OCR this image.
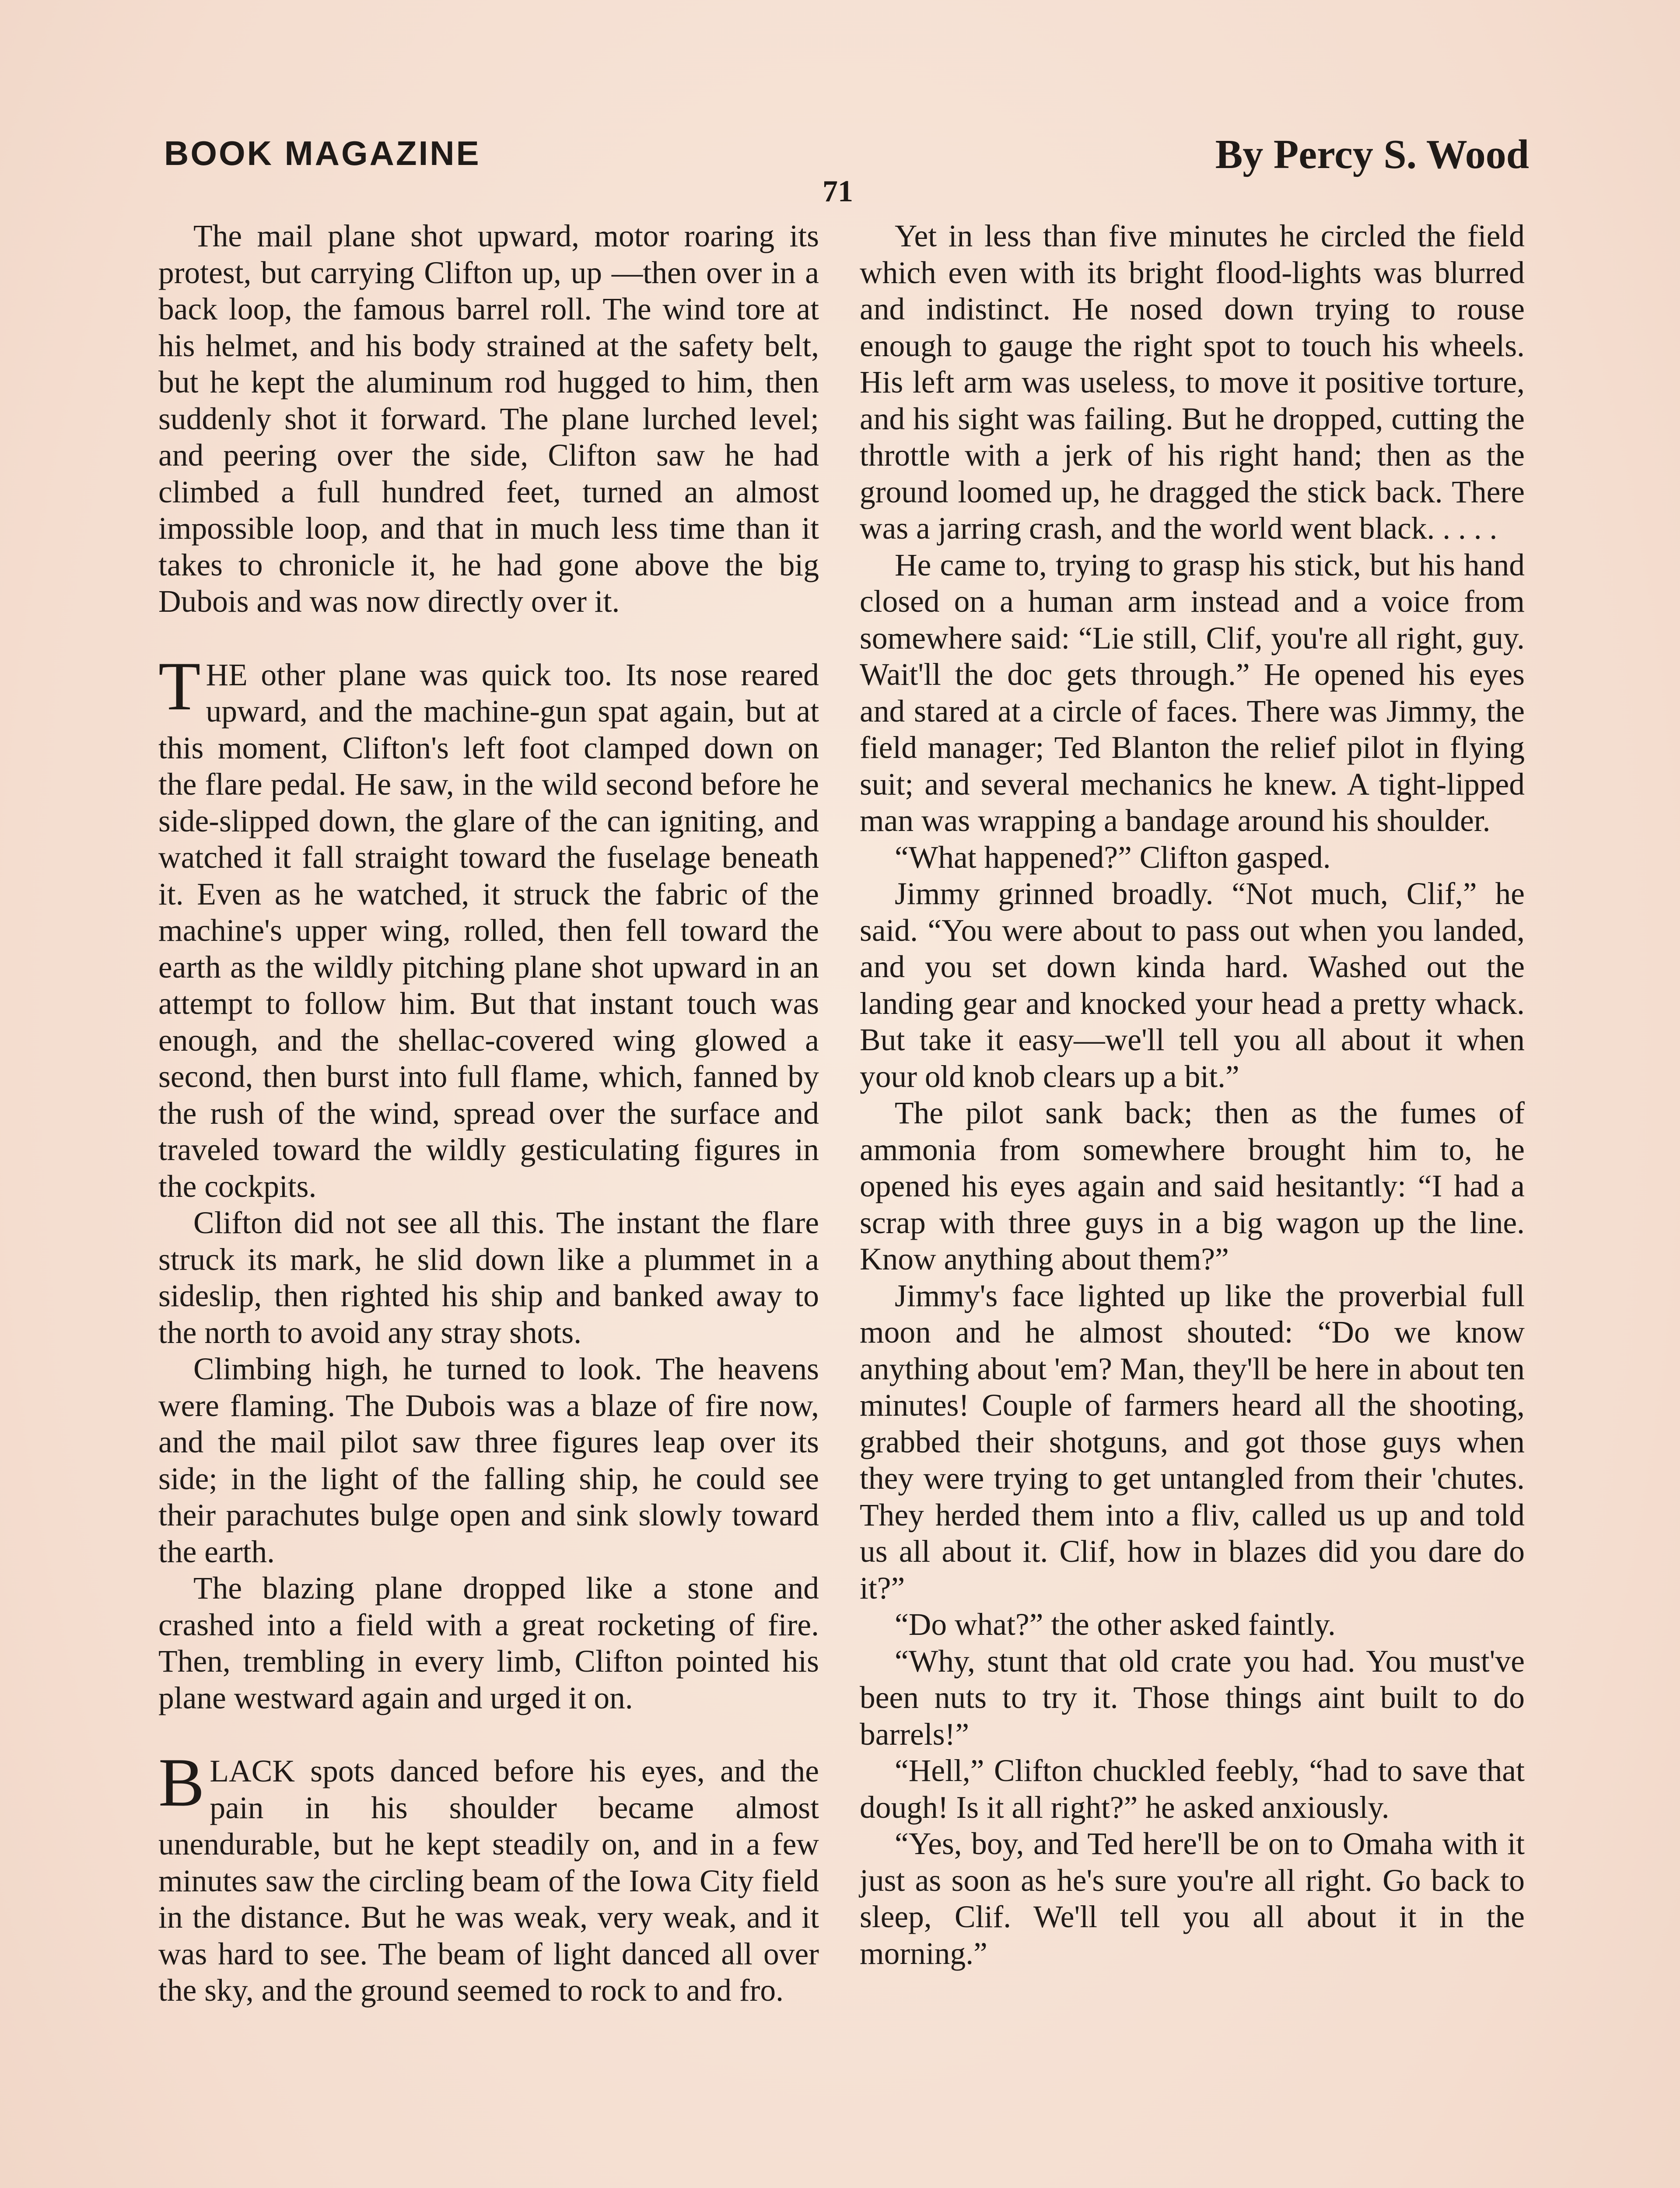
BOOK MAGAZINE	By Percy S. Wood
71

The mail plane shot upward, motor roaring its protest, but carrying Clifton up, up —then over in a back loop, the famous barrel roll. The wind tore at his helmet, and his body strained at the safety belt, but he kept the aluminum rod hugged to him, then suddenly shot it forward. The plane lurched level; and peering over the side, Clifton saw he had climbed a full hundred feet, turned an almost impossible loop, and that in much less time than it takes to chronicle it, he had gone above the big Dubois and was now directly over it.

THE other plane was quick too. Its nose reared upward, and the machine-gun spat again, but at this moment, Clifton's left foot clamped down on the flare pedal. He saw, in the wild second before he side-slipped down, the glare of the can igniting, and watched it fall straight toward the fuselage beneath it. Even as he watched, it struck the fabric of the machine's upper wing, rolled, then fell toward the earth as the wildly pitching plane shot upward in an attempt to follow him. But that instant touch was enough, and the shellac-covered wing glowed a second, then burst into full flame, which, fanned by the rush of the wind, spread over the surface and traveled toward the wildly gesticulating figures in the cockpits.

Clifton did not see all this. The instant the flare struck its mark, he slid down like a plummet in a sideslip, then righted his ship and banked away to the north to avoid any stray shots.

Climbing high, he turned to look. The heavens were flaming. The Dubois was a blaze of fire now, and the mail pilot saw three figures leap over its side; in the light of the falling ship, he could see their parachutes bulge open and sink slowly toward the earth.

The blazing plane dropped like a stone and crashed into a field with a great rocketing of fire. Then, trembling in every limb, Clifton pointed his plane westward again and urged it on.

BLACK spots danced before his eyes, and the pain in his shoulder became almost unendurable, but he kept steadily on, and in a few minutes saw the circling beam of the Iowa City field in the distance. But he was weak, very weak, and it was hard to see. The beam of light danced all over the sky, and the ground seemed to rock to and fro.

Yet in less than five minutes he circled the field which even with its bright flood-lights was blurred and indistinct. He nosed down trying to rouse enough to gauge the right spot to touch his wheels. His left arm was useless, to move it positive torture, and his sight was failing. But he dropped, cutting the throttle with a jerk of his right hand; then as the ground loomed up, he dragged the stick back. There was a jarring crash, and the world went black. . . . .

He came to, trying to grasp his stick, but his hand closed on a human arm instead and a voice from somewhere said: “Lie still, Clif, you're all right, guy. Wait'll the doc gets through.” He opened his eyes and stared at a circle of faces. There was Jimmy, the field manager; Ted Blanton the relief pilot in flying suit; and several mechanics he knew. A tight-lipped man was wrapping a bandage around his shoulder.

“What happened?” Clifton gasped.

Jimmy grinned broadly. “Not much, Clif,” he said. “You were about to pass out when you landed, and you set down kinda hard. Washed out the landing gear and knocked your head a pretty whack. But take it easy—we'll tell you all about it when your old knob clears up a bit.”

The pilot sank back; then as the fumes of ammonia from somewhere brought him to, he opened his eyes again and said hesitantly: “I had a scrap with three guys in a big wagon up the line. Know anything about them?”

Jimmy's face lighted up like the proverbial full moon and he almost shouted: “Do we know anything about 'em? Man, they'll be here in about ten minutes! Couple of farmers heard all the shooting, grabbed their shotguns, and got those guys when they were trying to get untangled from their 'chutes. They herded them into a fliv, called us up and told us all about it. Clif, how in blazes did you dare do it?”

“Do what?” the other asked faintly.

“Why, stunt that old crate you had. You must've been nuts to try it. Those things aint built to do barrels!”

“Hell,” Clifton chuckled feebly, “had to save that dough! Is it all right?” he asked anxiously.

“Yes, boy, and Ted here'll be on to Omaha with it just as soon as he's sure you're all right. Go back to sleep, Clif. We'll tell you all about it in the morning.”
